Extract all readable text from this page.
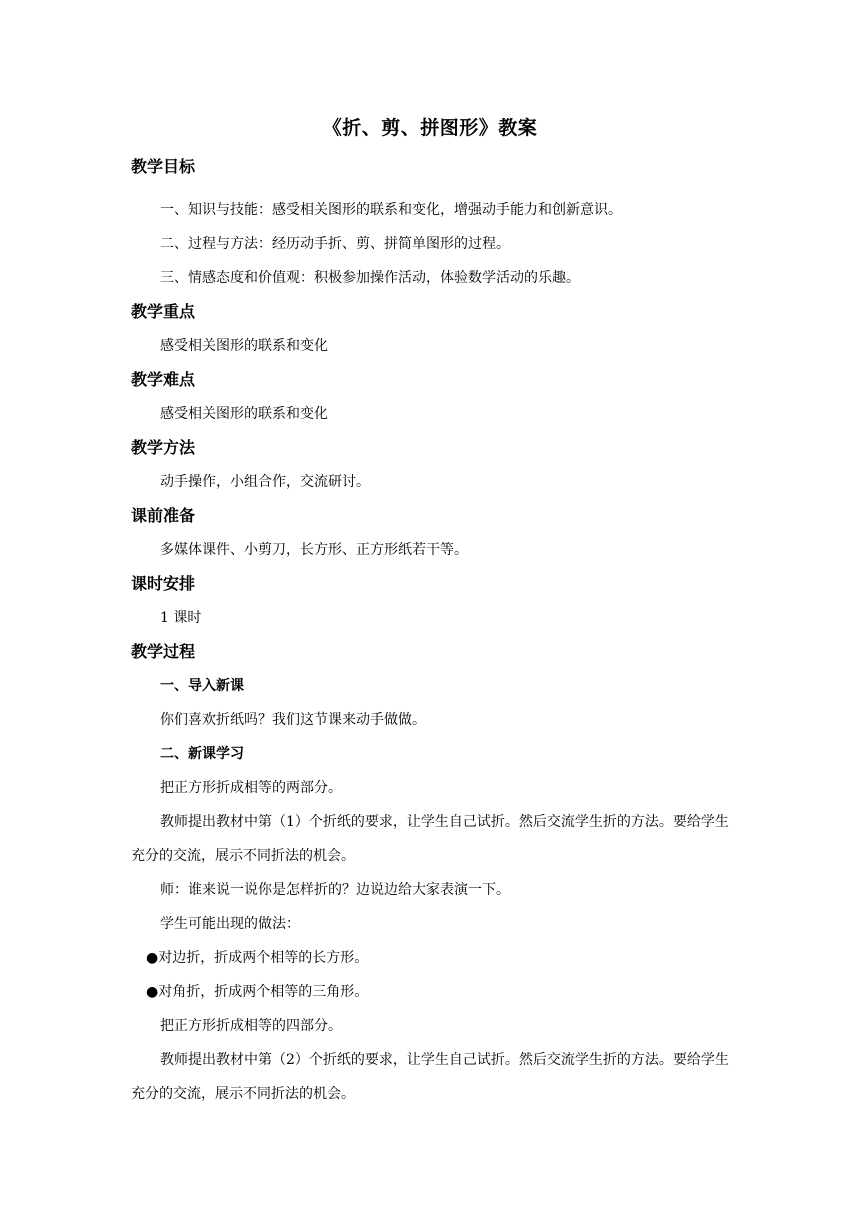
《折、剪、拼图形》教案
教学目标
一、知识与技能：感受相关图形的联系和变化，增强动手能力和创新意识。
二、过程与方法：经历动手折、剪、拼简单图形的过程。
三、情感态度和价值观：积极参加操作活动，体验数学活动的乐趣。
教学重点
感受相关图形的联系和变化
教学难点
感受相关图形的联系和变化
教学方法
动手操作，小组合作，交流研讨。
课前准备
多媒体课件、小剪刀，长方形、正方形纸若干等。
课时安排
1 课时
教学过程
一、导入新课
你们喜欢折纸吗？我们这节课来动手做做。
二、新课学习
把正方形折成相等的两部分。
教师提出教材中第（1）个折纸的要求，让学生自己试折。然后交流学生折的方法。要给学生充分的交流，展示不同折法的机会。
师：谁来说一说你是怎样折的？边说边给大家表演一下。
学生可能出现的做法：
●对边折，折成两个相等的长方形。
●对角折，折成两个相等的三角形。
把正方形折成相等的四部分。
教师提出教材中第（2）个折纸的要求，让学生自己试折。然后交流学生折的方法。要给学生充分的交流，展示不同折法的机会。
